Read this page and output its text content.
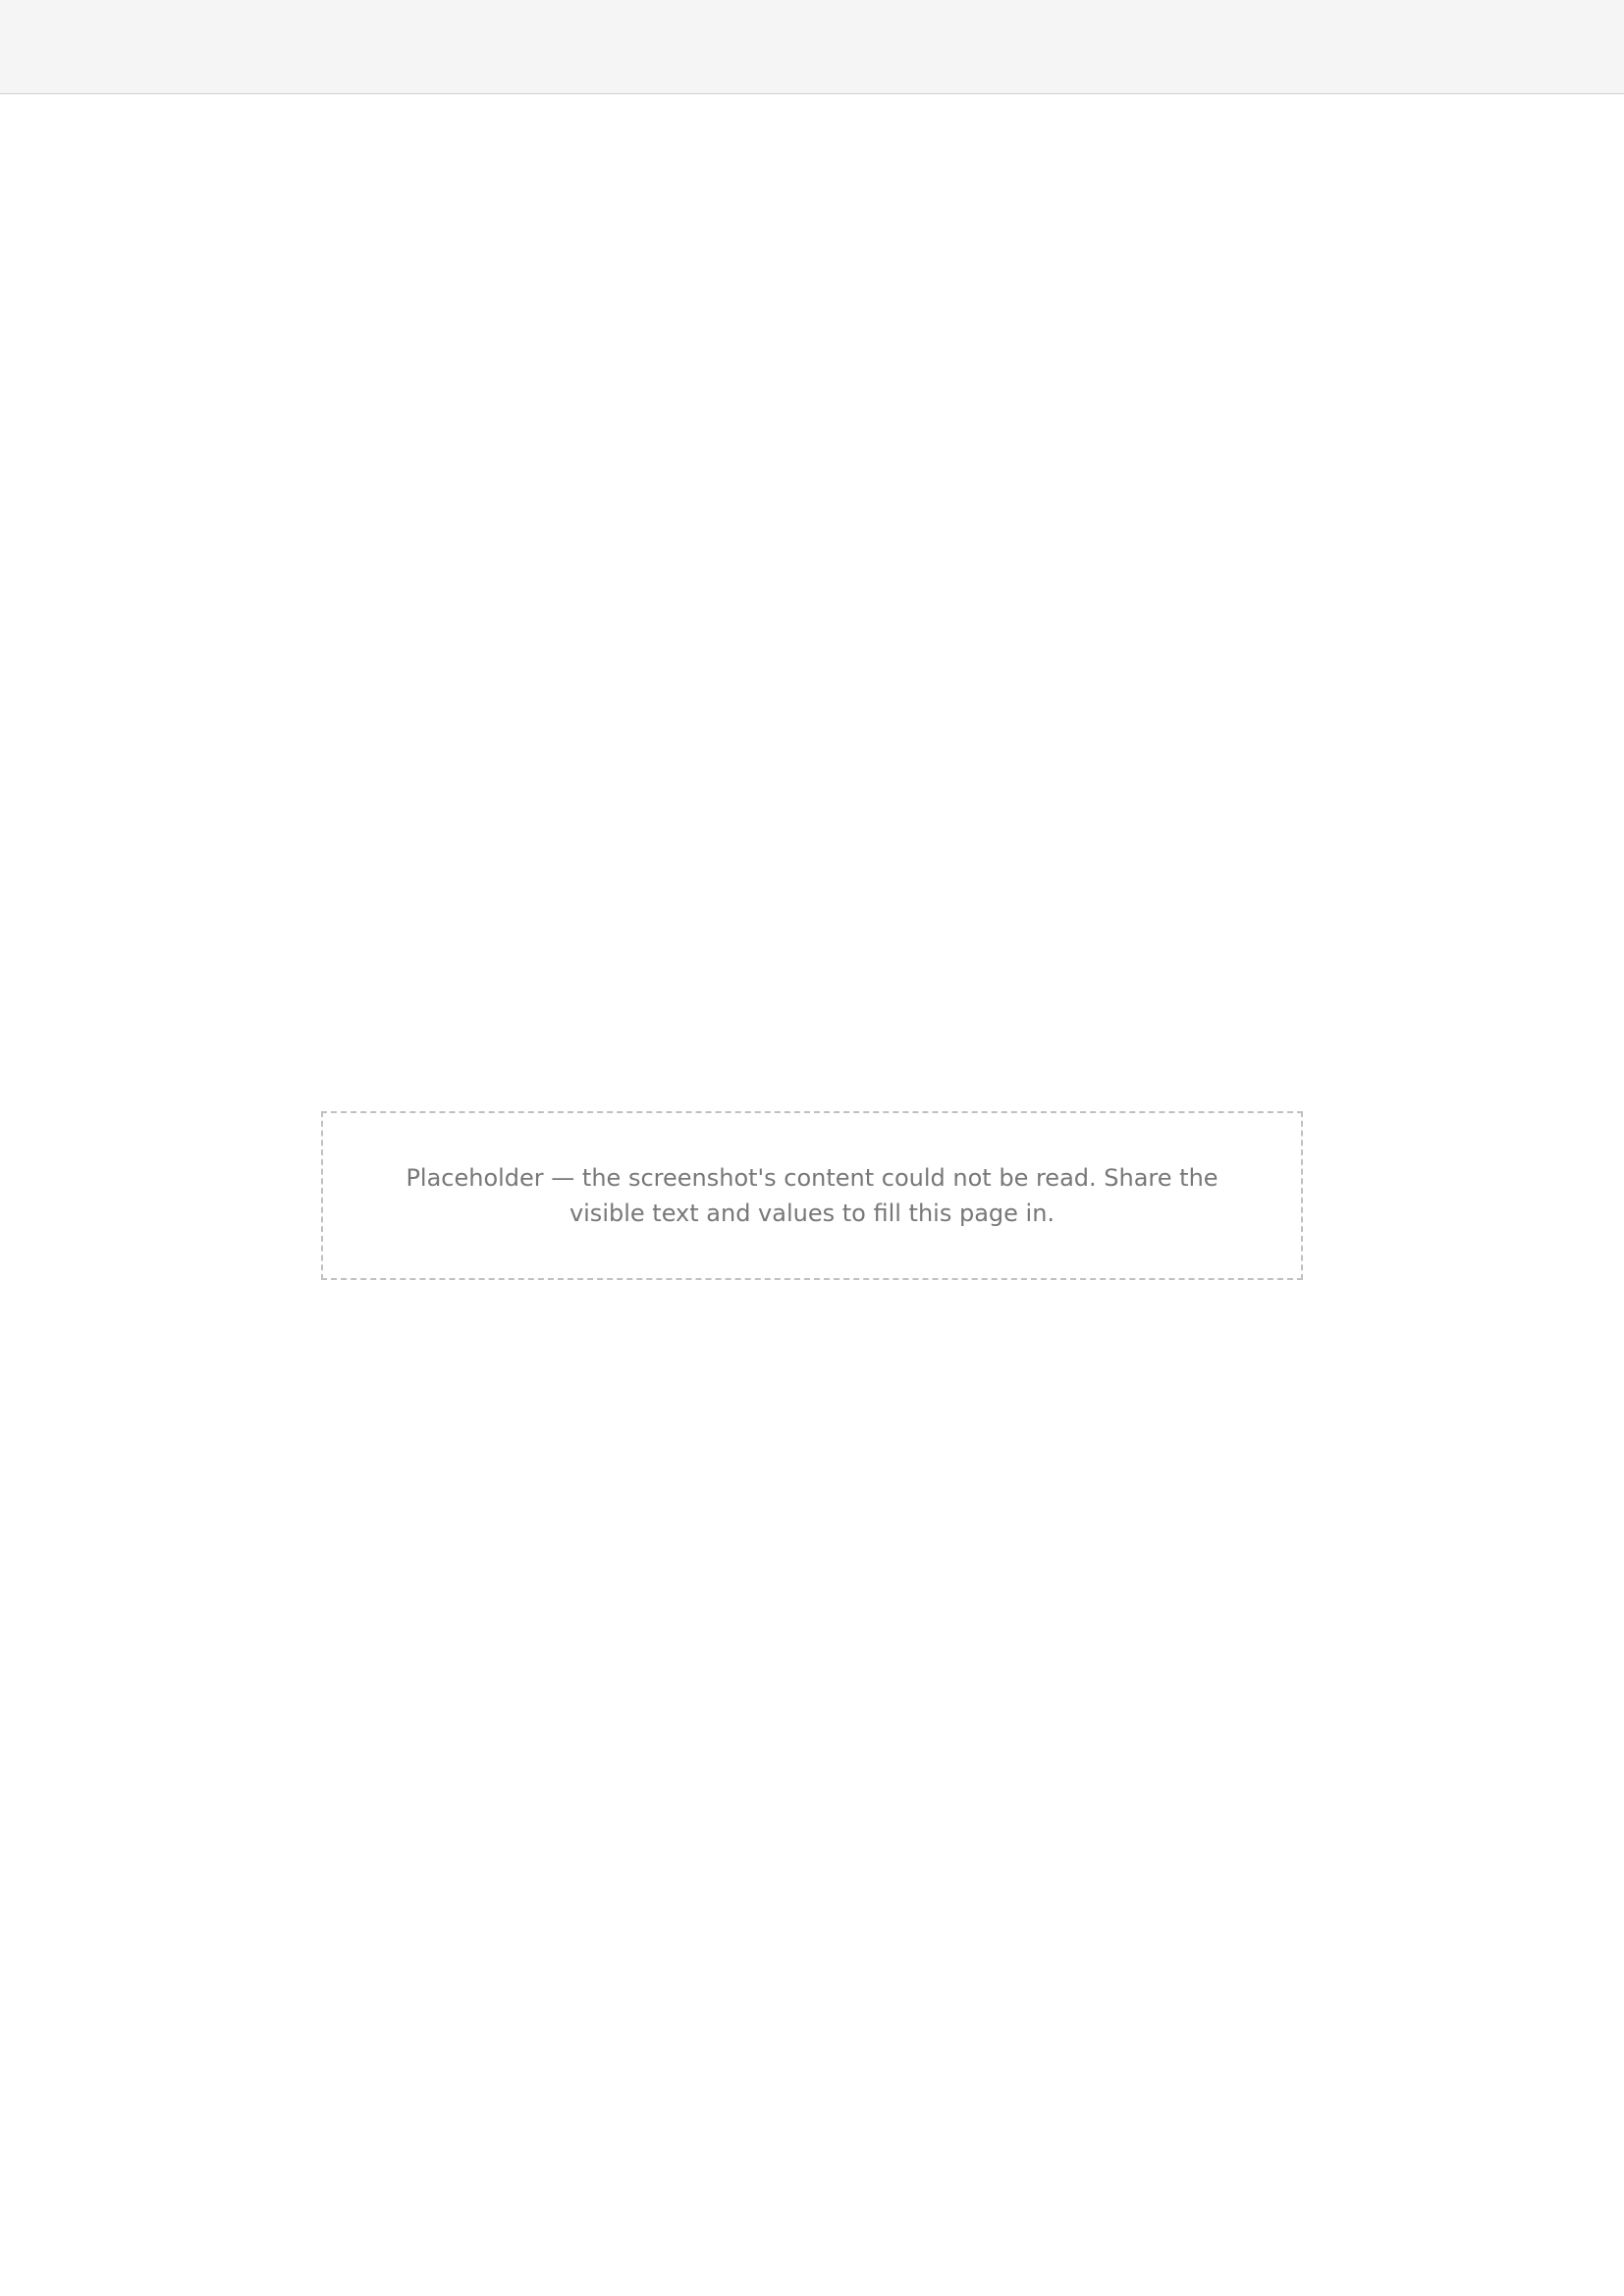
Placeholder — the screenshot's content could not be read. Share the visible text and values to fill this page in.
